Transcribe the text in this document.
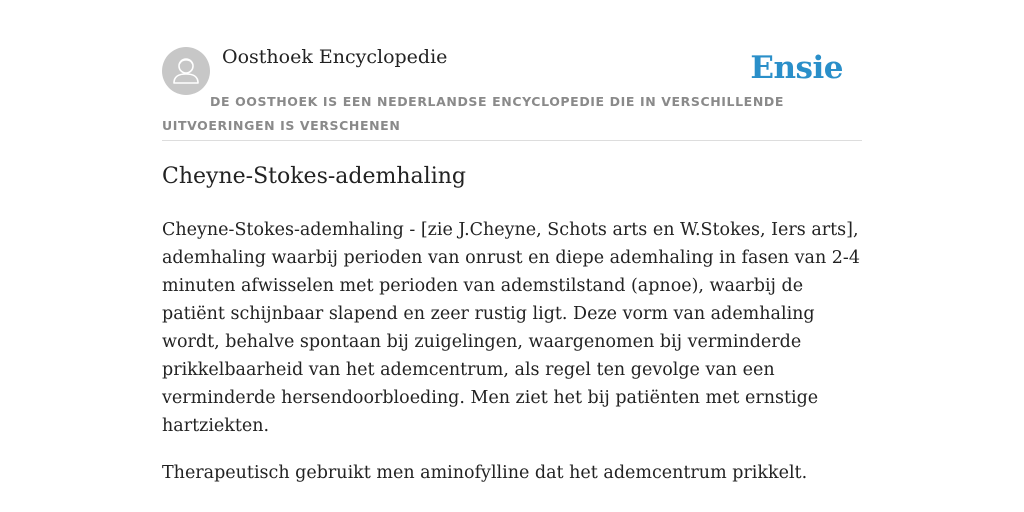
Oosthoek Encyclopedie	Ensie
DE OOSTHOEK IS EEN NEDERLANDSE ENCYCLOPEDIE DIE IN VERSCHILLENDE UITVOERINGEN IS VERSCHENEN
Cheyne-Stokes-ademhaling

Cheyne-Stokes-ademhaling - [zie J.Cheyne, Schots arts en W.Stokes, Iers arts], ademhaling waarbij perioden van onrust en diepe ademhaling in fasen van 2-4 minuten afwisselen met perioden van ademstilstand (apnoe), waarbij de patiënt schijnbaar slapend en zeer rustig ligt. Deze vorm van ademhaling wordt, behalve spontaan bij zuigelingen, waargenomen bij verminderde prikkelbaarheid van het ademcentrum, als regel ten gevolge van een verminderde hersendoorbloeding. Men ziet het bij patiënten met ernstige hartziekten.

Therapeutisch gebruikt men aminofylline dat het ademcentrum prikkelt.
